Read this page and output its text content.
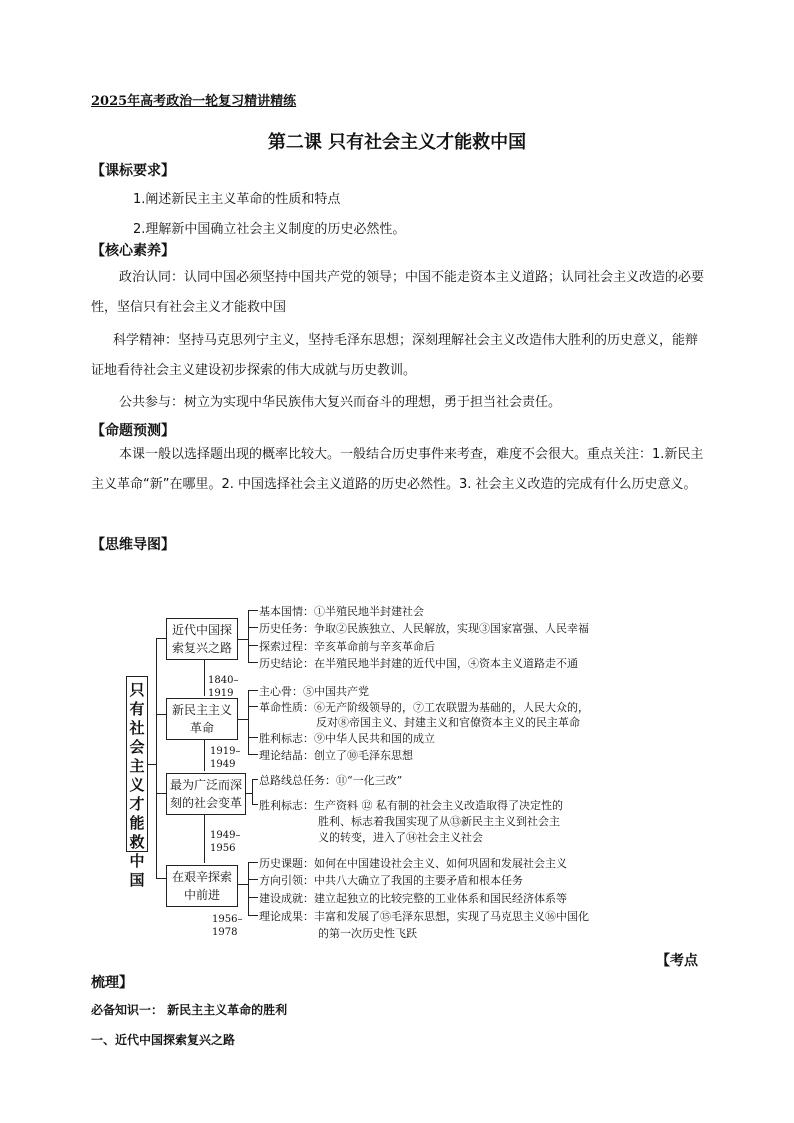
2025年高考政治一轮复习精讲精练
第二课 只有社会主义才能救中国
【课标要求】
1.阐述新民主主义革命的性质和特点
2.理解新中国确立社会主义制度的历史必然性。
【核心素养】
政治认同：认同中国必须坚持中国共产党的领导；中国不能走资本主义道路；认同社会主义改造的必要性，坚信只有社会主义才能救中国
科学精神：坚持马克思列宁主义，坚持毛泽东思想；深刻理解社会主义改造伟大胜利的历史意义，能辩证地看待社会主义建设初步探索的伟大成就与历史教训。
公共参与：树立为实现中华民族伟大复兴而奋斗的理想，勇于担当社会责任。
【命题预测】
本课一般以选择题出现的概率比较大。一般结合历史事件来考查，难度不会很大。重点关注：1.新民主主义革命“新”在哪里。2. 中国选择社会主义道路的历史必然性。3. 社会主义改造的完成有什么历史意义。
【思维导图】
只有社会主义才能救中国
近代中国探索复兴之路
新民主主义革命
最为广泛而深刻的社会变革
在艰辛探索中前进
1840–1919
1919–1949
1949–1956
1956–1978
基本国情：①半殖民地半封建社会
历史任务：争取②民族独立、人民解放，实现③国家富强、人民幸福
探索过程：辛亥革命前与辛亥革命后
历史结论：在半殖民地半封建的近代中国，④资本主义道路走不通
主心骨：⑤中国共产党
革命性质：⑥无产阶级领导的，⑦工农联盟为基础的，人民大众的，
反对⑧帝国主义、封建主义和官僚资本主义的民主革命
胜利标志：⑨中华人民共和国的成立
理论结晶：创立了⑩毛泽东思想
总路线总任务：⑪“一化三改”
胜利标志：生产资料 ⑫ 私有制的社会主义改造取得了决定性的
胜利、标志着我国实现了从⑬新民主主义到社会主
义的转变，进入了⑭社会主义社会
历史课题：如何在中国建设社会主义、如何巩固和发展社会主义
方向引领：中共八大确立了我国的主要矛盾和根本任务
建设成就：建立起独立的比较完整的工业体系和国民经济体系等
理论成果：丰富和发展了⑮毛泽东思想，实现了马克思主义⑯中国化
的第一次历史性飞跃
【考点
梳理】
必备知识一： 新民主主义革命的胜利
一、近代中国探索复兴之路
